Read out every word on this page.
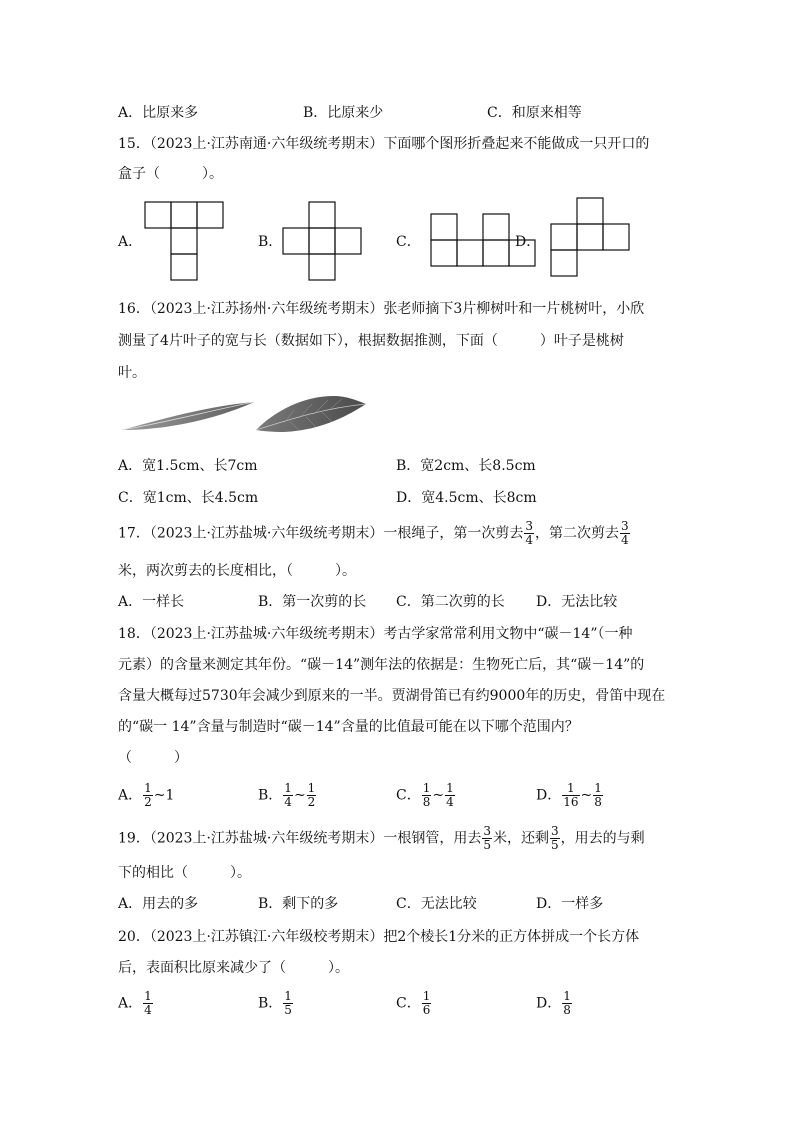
A．比原来多	B．比原来少	C．和原来相等
15．（2023上·江苏南通·六年级统考期末）下面哪个图形折叠起来不能做成一只开口的
盒子（　　　）。
A．	B．	C．	D．
16．（2023上·江苏扬州·六年级统考期末）张老师摘下3片柳树叶和一片桃树叶，小欣
测量了4片叶子的宽与长（数据如下），根据数据推测，下面（　　　）叶子是桃树
叶。
A．宽1.5cm、长7cm	B．宽2cm、长8.5cm
C．宽1cm、长4.5cm	D．宽4.5cm、长8cm
17．（2023上·江苏盐城·六年级统考期末）一根绳子，第一次剪去 $\frac{3}{4}$ ，第二次剪去 $\frac{3}{4}$
米，两次剪去的长度相比，（　　　）。
A．一样长	B．第一次剪的长 C．第二次剪的长 D．无法比较
18．（2023上·江苏盐城·六年级统考期末）考古学家常常利用文物中“碳－14”（一种
元素）的含量来测定其年份。“碳－14”测年法的依据是：生物死亡后，其“碳－14”的
含量大概每过5730年会减少到原来的一半。贾湖骨笛已有约9000年的历史，骨笛中现在
的“碳一 14”含量与制造时“碳－14”含量的比值最可能在以下哪个范围内？
（　　　）
A． $\frac{1}{2}$ ~1	B． $\frac{1}{4}$ ~ $\frac{1}{2}$	C． $\frac{1}{8}$ ~ $\frac{1}{4}$	D． $\frac{1}{16}$ ~ $\frac{1}{8}$
19．（2023上·江苏盐城·六年级统考期末）一根钢管，用去 $\frac{3}{5}$ 米，还剩 $\frac{3}{5}$ ，用去的与剩
下的相比（　　　）。
A．用去的多	B．剩下的多	C．无法比较	D．一样多
20．（2023上·江苏镇江·六年级校考期末）把2个棱长1分米的正方体拼成一个长方体
后，表面积比原来减少了（　　　）。
A． $\frac{1}{4}$	B． $\frac{1}{5}$	C． $\frac{1}{6}$	D． $\frac{1}{8}$
